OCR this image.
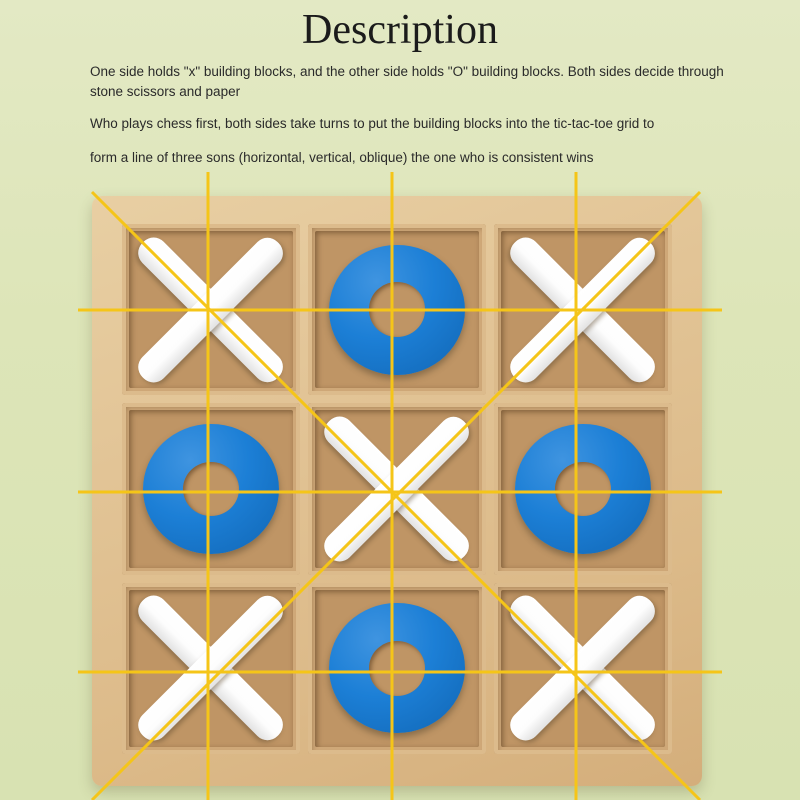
Description
One side holds "x" building blocks, and the other side holds "O" building blocks. Both sides decide through stone scissors and paper
Who plays chess first, both sides take turns to put the building blocks into the tic-tac-toe grid to
form a line of three sons (horizontal, vertical, oblique) the one who is consistent wins
